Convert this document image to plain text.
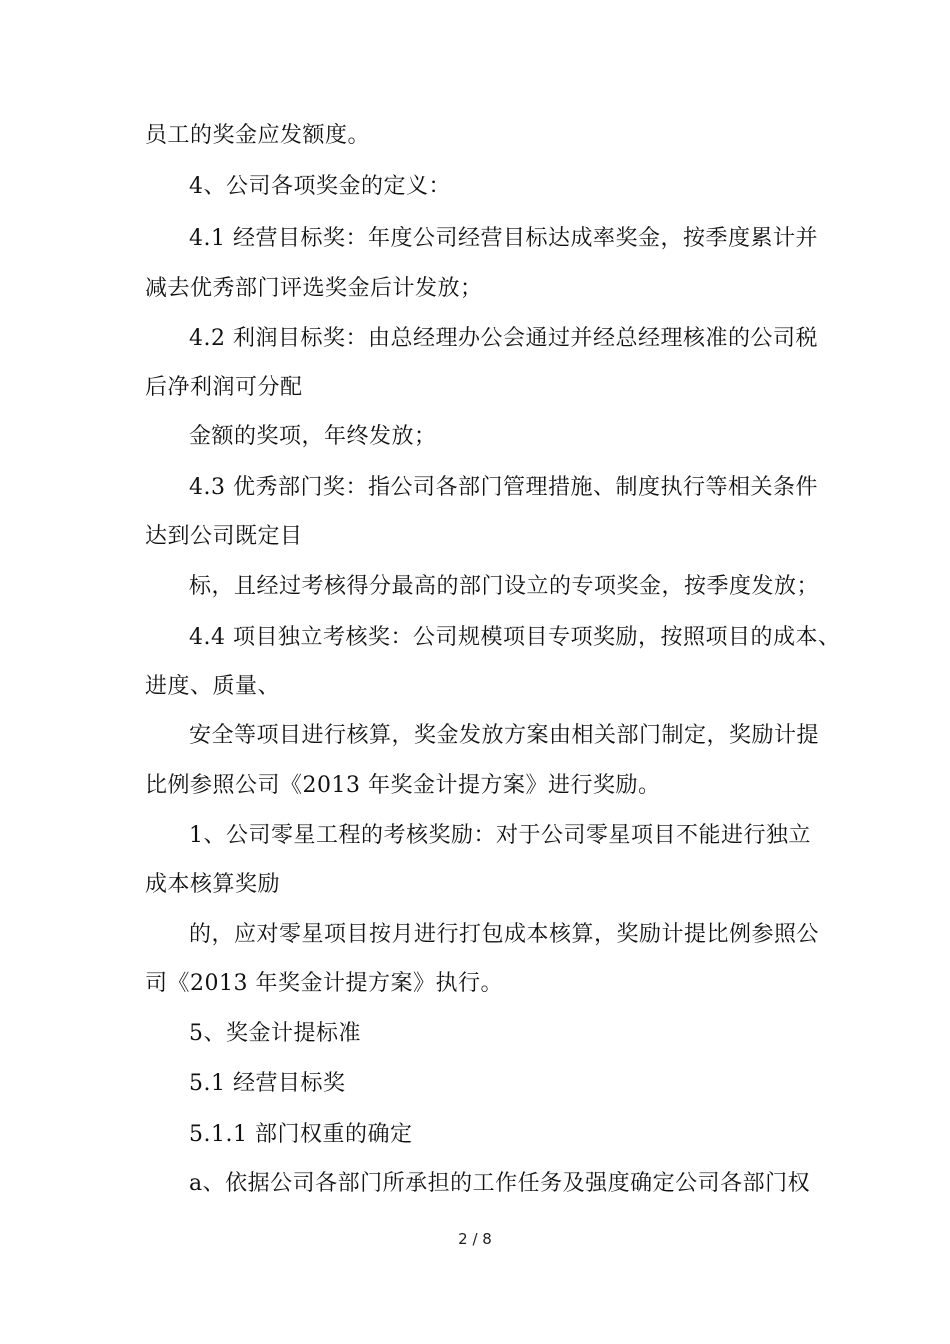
员工的奖金应发额度。
4、公司各项奖金的定义：
4.1 经营目标奖：年度公司经营目标达成率奖金，按季度累计并
减去优秀部门评选奖金后计发放；
4.2 利润目标奖：由总经理办公会通过并经总经理核准的公司税
后净利润可分配
金额的奖项，年终发放；
4.3 优秀部门奖：指公司各部门管理措施、制度执行等相关条件
达到公司既定目
标，且经过考核得分最高的部门设立的专项奖金，按季度发放；
4.4 项目独立考核奖：公司规模项目专项奖励，按照项目的成本、
进度、质量、
安全等项目进行核算，奖金发放方案由相关部门制定，奖励计提
比例参照公司《2013 年奖金计提方案》进行奖励。
1、公司零星工程的考核奖励：对于公司零星项目不能进行独立
成本核算奖励
的，应对零星项目按月进行打包成本核算，奖励计提比例参照公
司《2013 年奖金计提方案》执行。
5、奖金计提标准
5.1 经营目标奖
5.1.1 部门权重的确定
a、依据公司各部门所承担的工作任务及强度确定公司各部门权
2 / 8
